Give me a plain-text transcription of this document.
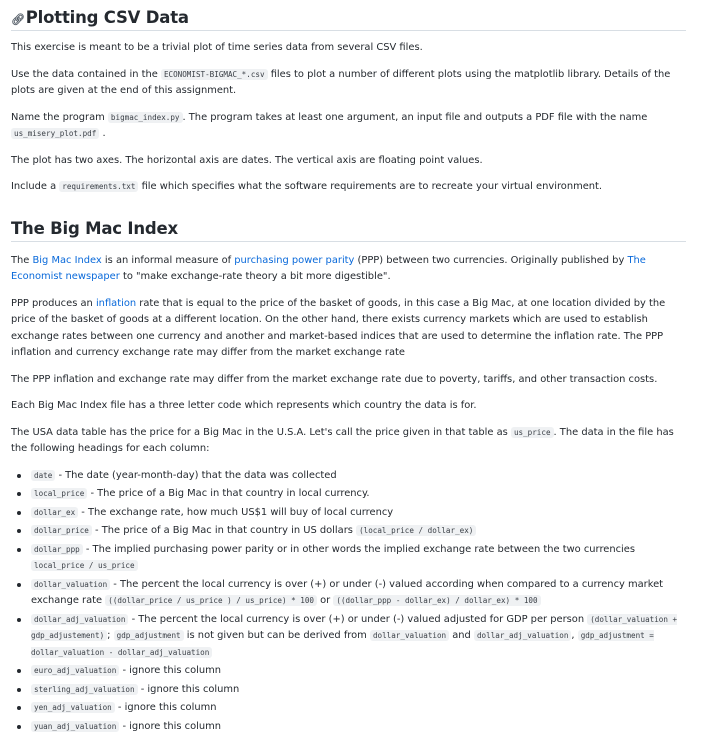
🔗︎Plotting CSV Data

This exercise is meant to be a trivial plot of time series data from several CSV files.

Use the data contained in the ECONOMIST-BIGMAC_*.csv files to plot a number of different plots using the matplotlib library. Details of the plots are given at the end of this assignment.

Name the program bigmac_index.py . The program takes at least one argument, an input file and outputs a PDF file with the name us_misery_plot.pdf .

The plot has two axes. The horizontal axis are dates. The vertical axis are floating point values.

Include a requirements.txt file which specifies what the software requirements are to recreate your virtual environment.

The Big Mac Index

The Big Mac Index is an informal measure of purchasing power parity (PPP) between two currencies. Originally published by The Economist newspaper to "make exchange-rate theory a bit more digestible".

PPP produces an inflation rate that is equal to the price of the basket of goods, in this case a Big Mac, at one location divided by the price of the basket of goods at a different location. On the other hand, there exists currency markets which are used to establish exchange rates between one currency and another and market-based indices that are used to determine the inflation rate. The PPP inflation and currency exchange rate may differ from the market exchange rate

The PPP inflation and exchange rate may differ from the market exchange rate due to poverty, tariffs, and other transaction costs.

Each Big Mac Index file has a three letter code which represents which country the data is for.

The USA data table has the price for a Big Mac in the U.S.A. Let's call the price given in that table as us_price . The data in the file has the following headings for each column:

date - The date (year-month-day) that the data was collected
local_price - The price of a Big Mac in that country in local currency.
dollar_ex - The exchange rate, how much US$1 will buy of local currency
dollar_price - The price of a Big Mac in that country in US dollars (local_price / dollar_ex)
dollar_ppp - The implied purchasing power parity or in other words the implied exchange rate between the two currencies local_price / us_price
dollar_valuation - The percent the local currency is over (+) or under (-) valued according when compared to a currency market exchange rate ((dollar_price / us_price ) / us_price) * 100 or ((dollar_ppp - dollar_ex) / dollar_ex) * 100
dollar_adj_valuation - The percent the local currency is over (+) or under (-) valued adjusted for GDP per person (dollar_valuation + gdp_adjustement) ; gdp_adjustment is not given but can be derived from dollar_valuation and dollar_adj_valuation , gdp_adjustment = dollar_valuation - dollar_adj_valuation
euro_adj_valuation - ignore this column
sterling_adj_valuation - ignore this column
yen_adj_valuation - ignore this column
yuan_adj_valuation - ignore this column
